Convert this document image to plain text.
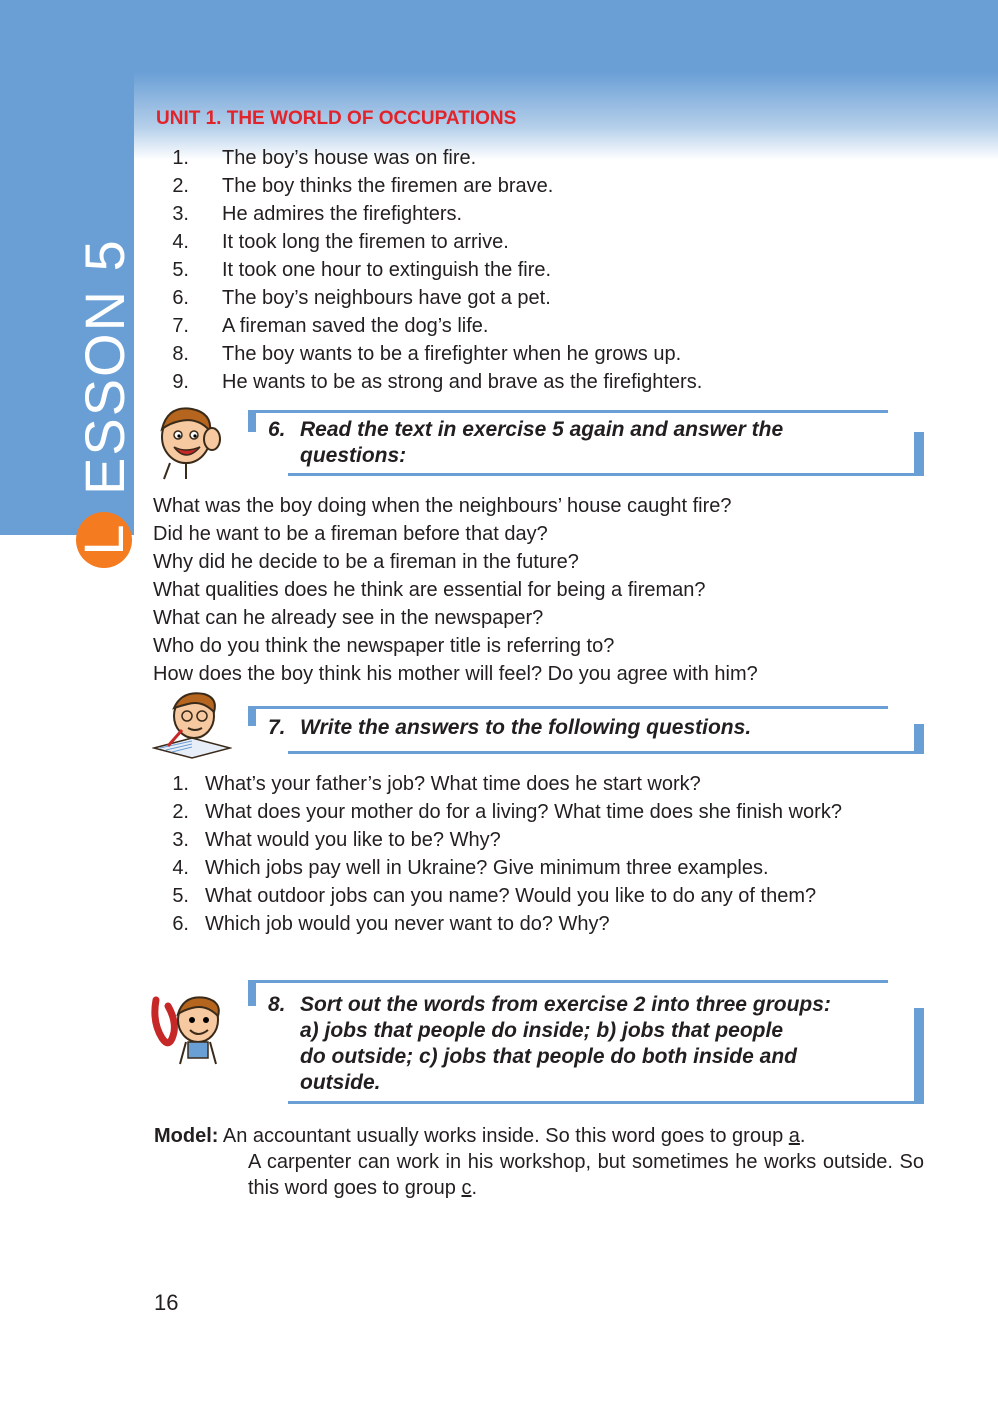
ESSON 5
L
UNIT 1. THE WORLD OF OCCUPATIONS
1. The boy’s house was on fire.
2. The boy thinks the firemen are brave.
3. He admires the firefighters.
4. It took long the firemen to arrive.
5. It took one hour to extinguish the fire.
6. The boy’s neighbours have got a pet.
7. A fireman saved the dog’s life.
8. The boy wants to be a firefighter when he grows up.
9. He wants to be as strong and brave as the firefighters.
6. Read the text in exercise 5 again and answer the
questions:
What was the boy doing when the neighbours’ house caught fire?
Did he want to be a fireman before that day?
Why did he decide to be a fireman in the future?
What qualities does he think are essential for being a fireman?
What can he already see in the newspaper?
Who do you think the newspaper title is referring to?
How does the boy think his mother will feel? Do you agree with him?
7. Write the answers to the following questions.
1. What’s your father’s job? What time does he start work?
2. What does your mother do for a living? What time does she finish work?
3. What would you like to be? Why?
4. Which jobs pay well in Ukraine? Give minimum three examples.
5. What outdoor jobs can you name? Would you like to do any of them?
6. Which job would you never want to do? Why?
8. Sort out the words from exercise 2 into three groups:
a) jobs that people do inside; b) jobs that people
do outside; c) jobs that people do both inside and
outside.
Model: An accountant usually works inside. So this word goes to group a.
A carpenter can work in his workshop, but sometimes he works outside. So this word goes to group c.
16
